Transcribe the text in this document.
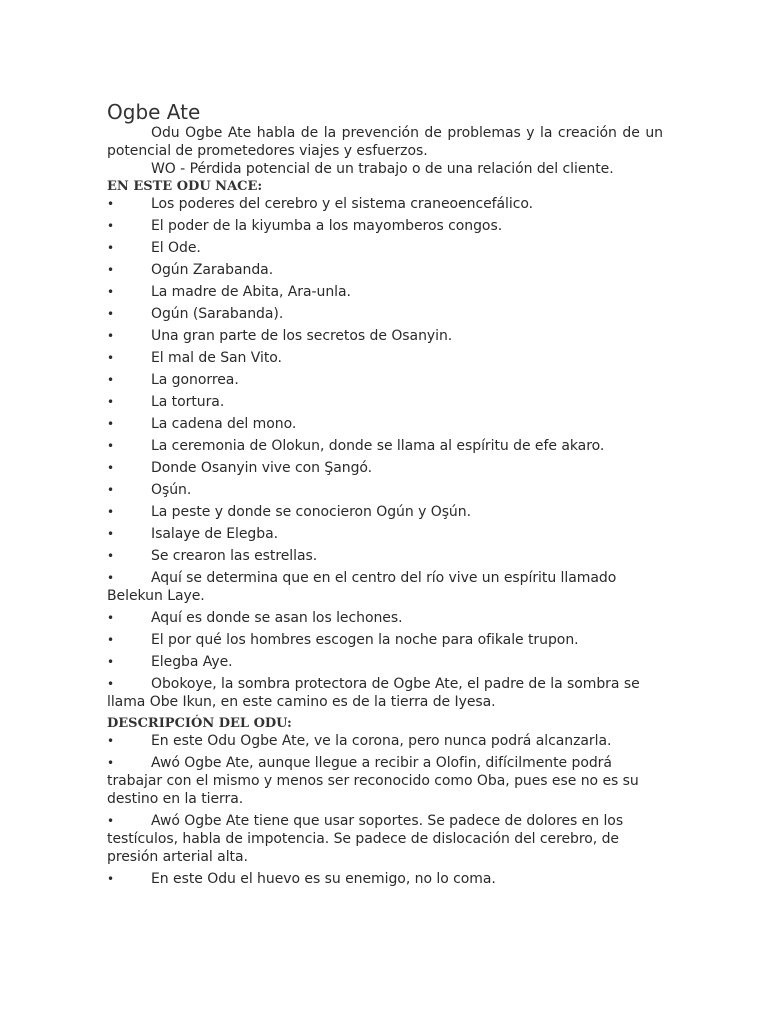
Ogbe Ate

Odu Ogbe Ate habla de la prevención de problemas y la creación de un potencial de prometedores viajes y esfuerzos.

WO - Pérdida potencial de un trabajo o de una relación del cliente.

EN ESTE ODU NACE:

•	Los poderes del cerebro y el sistema craneoencefálico.
•	El poder de la kiyumba a los mayomberos congos.
•	El Ode.
•	Ogún Zarabanda.
•	La madre de Abita, Ara-unla.
•	Ogún (Sarabanda).
•	Una gran parte de los secretos de Osanyin.
•	El mal de San Vito.
•	La gonorrea.
•	La tortura.
•	La cadena del mono.
•	La ceremonia de Olokun, donde se llama al espíritu de efe akaro.
•	Donde Osanyin vive con Şangó.
•	Oşún.
•	La peste y donde se conocieron Ogún y Oşún.
•	Isalaye de Elegba.
•	Se crearon las estrellas.
•	Aquí se determina que en el centro del río vive un espíritu llamado Belekun Laye.
•	Aquí es donde se asan los lechones.
•	El por qué los hombres escogen la noche para ofikale trupon.
•	Elegba Aye.
•	Obokoye, la sombra protectora de Ogbe Ate, el padre de la sombra se llama Obe Ikun, en este camino es de la tierra de Iyesa.

DESCRIPCIÓN DEL ODU:

•	En este Odu Ogbe Ate, ve la corona, pero nunca podrá alcanzarla.
•	Awó Ogbe Ate, aunque llegue a recibir a Olofin, difícilmente podrá trabajar con el mismo y menos ser reconocido como Oba, pues ese no es su destino en la tierra.
•	Awó Ogbe Ate tiene que usar soportes. Se padece de dolores en los testículos, habla de impotencia. Se padece de dislocación del cerebro, de presión arterial alta.
•	En este Odu el huevo es su enemigo, no lo coma.
